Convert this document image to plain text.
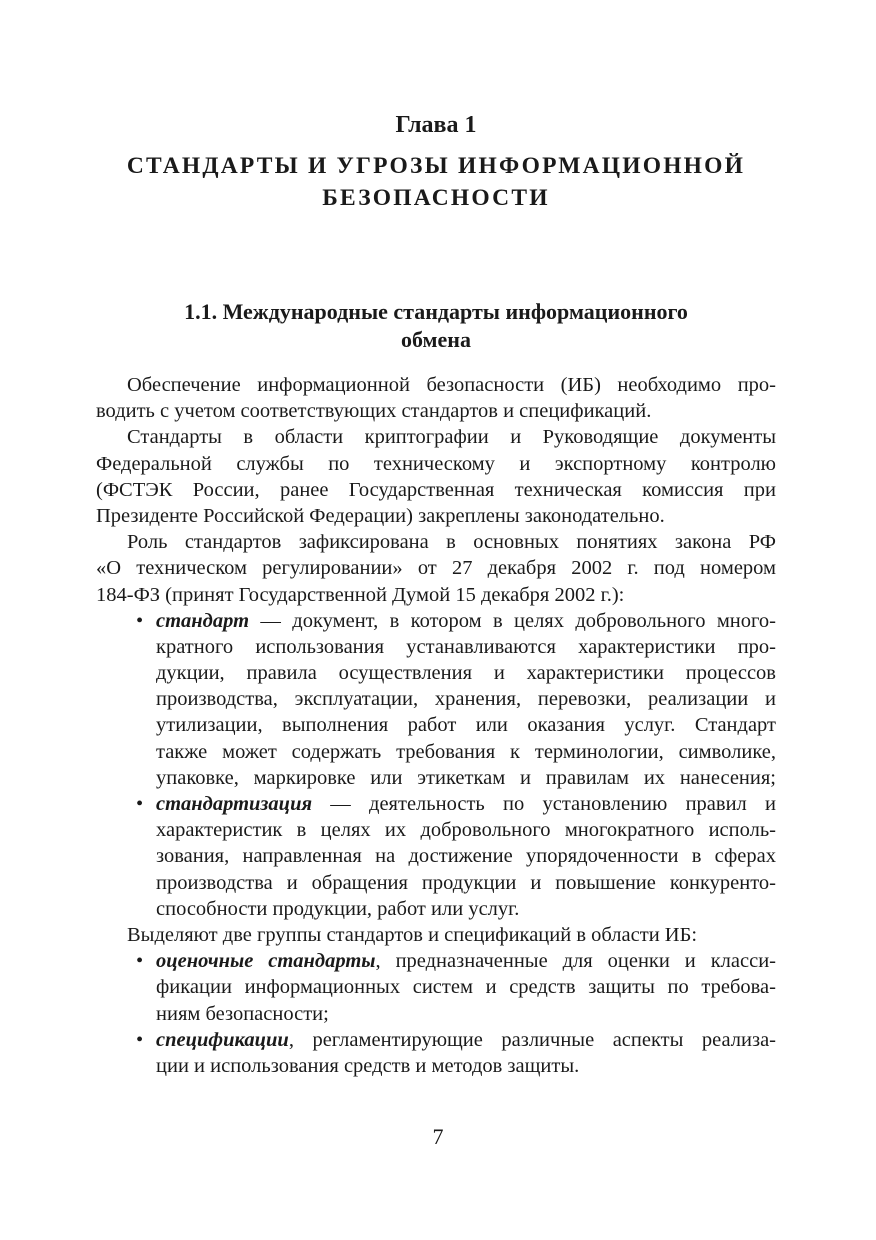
Глава 1
СТАНДАРТЫ И УГРОЗЫ ИНФОРМАЦИОННОЙ
БЕЗОПАСНОСТИ
1.1. Международные стандарты информационного
обмена
Обеспечение информационной безопасности (ИБ) необходимо про-
водить с учетом соответствующих стандартов и спецификаций.
Стандарты в области криптографии и Руководящие документы
Федеральной службы по техническому и экспортному контролю
(ФСТЭК России, ранее Государственная техническая комиссия при
Президенте Российской Федерации) закреплены законодательно.
Роль стандартов зафиксирована в основных понятиях закона РФ
«О техническом регулировании» от 27 декабря 2002 г. под номером
184-ФЗ (принят Государственной Думой 15 декабря 2002 г.):
• стандарт — документ, в котором в целях добровольного много-
кратного использования устанавливаются характеристики про-
дукции, правила осуществления и характеристики процессов
производства, эксплуатации, хранения, перевозки, реализации и
утилизации, выполнения работ или оказания услуг. Стандарт
также может содержать требования к терминологии, символике,
упаковке, маркировке или этикеткам и правилам их нанесения;
• стандартизация — деятельность по установлению правил и
характеристик в целях их добровольного многократного исполь-
зования, направленная на достижение упорядоченности в сферах
производства и обращения продукции и повышение конкуренто-
способности продукции, работ или услуг.
Выделяют две группы стандартов и спецификаций в области ИБ:
• оценочные стандарты, предназначенные для оценки и класси-
фикации информационных систем и средств защиты по требова-
ниям безопасности;
• спецификации, регламентирующие различные аспекты реализа-
ции и использования средств и методов защиты.
7
